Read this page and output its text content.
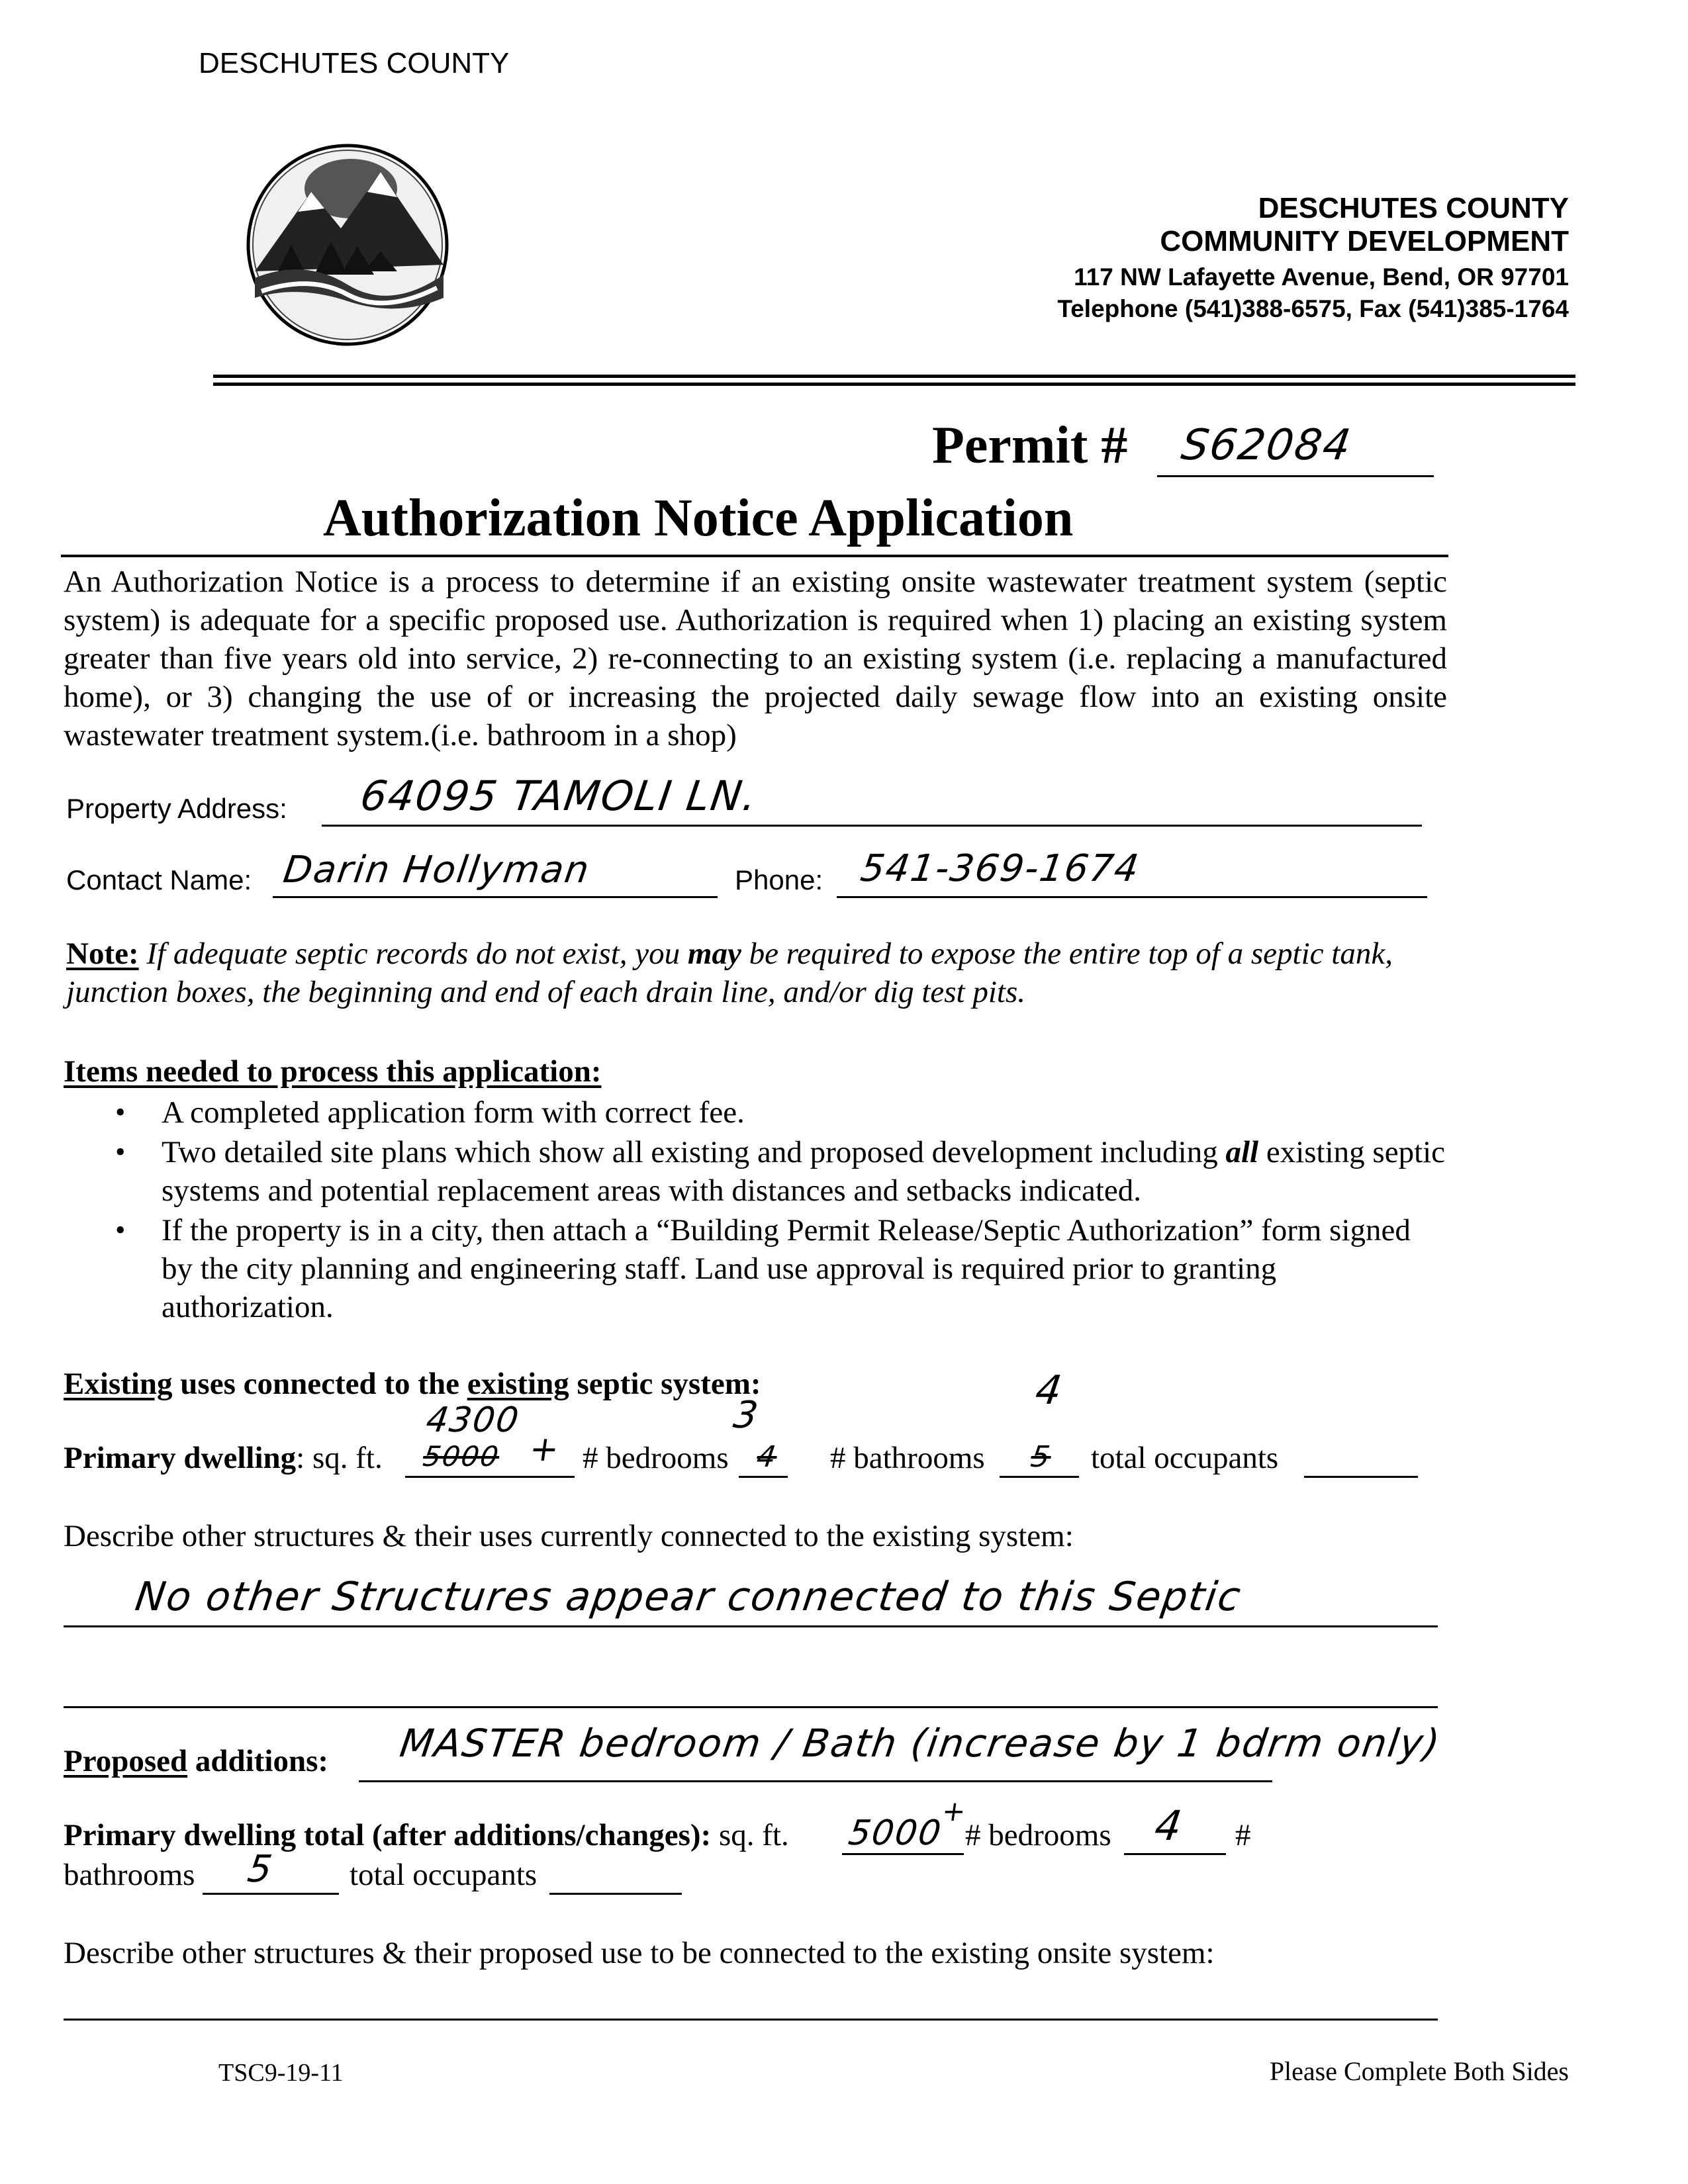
DESCHUTES COUNTY
DESCHUTES COUNTY
COMMUNITY DEVELOPMENT
117 NW Lafayette Avenue, Bend, OR 97701
Telephone (541)388-6575, Fax (541)385-1764
Permit # S62084
Authorization Notice Application
An Authorization Notice is a process to determine if an existing onsite wastewater treatment system (septic system) is adequate for a specific proposed use. Authorization is required when 1) placing an existing system greater than five years old into service, 2) re-connecting to an existing system (i.e. replacing a manufactured home), or 3) changing the use of or increasing the projected daily sewage flow into an existing onsite wastewater treatment system.(i.e. bathroom in a shop)
Property Address: 64095 TAMOLI LN.
Contact Name: Darin Hollyman	Phone: 541-369-1674
Note: If adequate septic records do not exist, you may be required to expose the entire top of a septic tank, junction boxes, the beginning and end of each drain line, and/or dig test pits.
Items needed to process this application:
• A completed application form with correct fee.
• Two detailed site plans which show all existing and proposed development including all existing septic systems and potential replacement areas with distances and setbacks indicated.
• If the property is in a city, then attach a “Building Permit Release/Septic Authorization” form signed by the city planning and engineering staff. Land use approval is required prior to granting authorization.
Existing uses connected to the existing septic system:
Primary dwelling: sq. ft. 5000
4300
+ # bedrooms 4
3
# bathrooms 5
4
total occupants
Describe other structures & their uses currently connected to the existing system:
No other Structures appear connected to this Septic
Proposed additions: MASTER bedroom / Bath (increase by 1 bdrm only)
Primary dwelling total (after additions/changes): sq. ft. 5000
+
# bedrooms 4 #
bathrooms 5 total occupants
Describe other structures & their proposed use to be connected to the existing onsite system:
TSC9-19-11	Please Complete Both Sides
